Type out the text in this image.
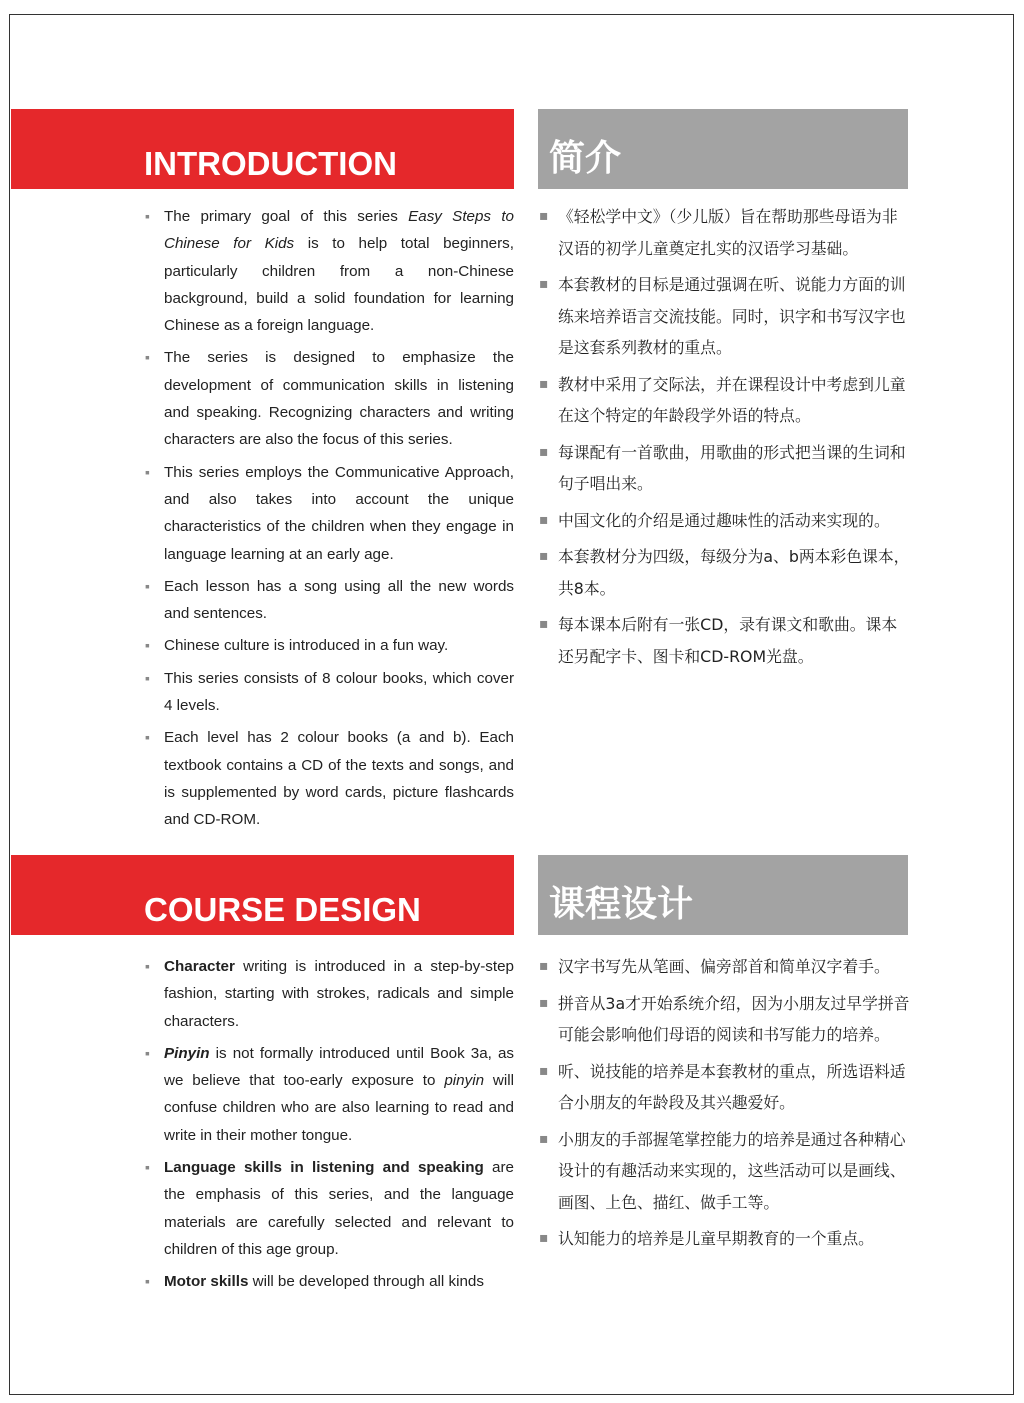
INTRODUCTION	简介
▪ The primary goal of this series Easy Steps to Chinese for Kids is to help total beginners, particularly children from a non-Chinese background, build a solid foundation for learning Chinese as a foreign language.
▪ The series is designed to emphasize the development of communication skills in listening and speaking. Recognizing characters and writing characters are also the focus of this series.
▪ This series employs the Communicative Approach, and also takes into account the unique characteristics of the children when they engage in language learning at an early age.
▪ Each lesson has a song using all the new words and sentences.
▪ Chinese culture is introduced in a fun way.
▪ This series consists of 8 colour books, which cover 4 levels.
▪ Each level has 2 colour books (a and b). Each textbook contains a CD of the texts and songs, and is supplemented by word cards, picture flashcards and CD-ROM.
▪ 《轻松学中文》（少儿版）旨在帮助那些母语为非汉语的初学儿童奠定扎实的汉语学习基础。
▪ 本套教材的目标是通过强调在听、说能力方面的训练来培养语言交流技能。同时，识字和书写汉字也是这套系列教材的重点。
▪ 教材中采用了交际法，并在课程设计中考虑到儿童在这个特定的年龄段学外语的特点。
▪ 每课配有一首歌曲，用歌曲的形式把当课的生词和句子唱出来。
▪ 中国文化的介绍是通过趣味性的活动来实现的。
▪ 本套教材分为四级，每级分为a、b两本彩色课本，共8本。
▪ 每本课本后附有一张CD，录有课文和歌曲。课本还另配字卡、图卡和CD-ROM光盘。
COURSE DESIGN	课程设计
▪ Character writing is introduced in a step-by-step fashion, starting with strokes, radicals and simple characters.
▪ Pinyin is not formally introduced until Book 3a, as we believe that too-early exposure to pinyin will confuse children who are also learning to read and write in their mother tongue.
▪ Language skills in listening and speaking are the emphasis of this series, and the language materials are carefully selected and relevant to children of this age group.
▪ Motor skills will be developed through all kinds
▪ 汉字书写先从笔画、偏旁部首和简单汉字着手。
▪ 拼音从3a才开始系统介绍，因为小朋友过早学拼音可能会影响他们母语的阅读和书写能力的培养。
▪ 听、说技能的培养是本套教材的重点，所选语料适合小朋友的年龄段及其兴趣爱好。
▪ 小朋友的手部握笔掌控能力的培养是通过各种精心设计的有趣活动来实现的，这些活动可以是画线、画图、上色、描红、做手工等。
▪ 认知能力的培养是儿童早期教育的一个重点。
